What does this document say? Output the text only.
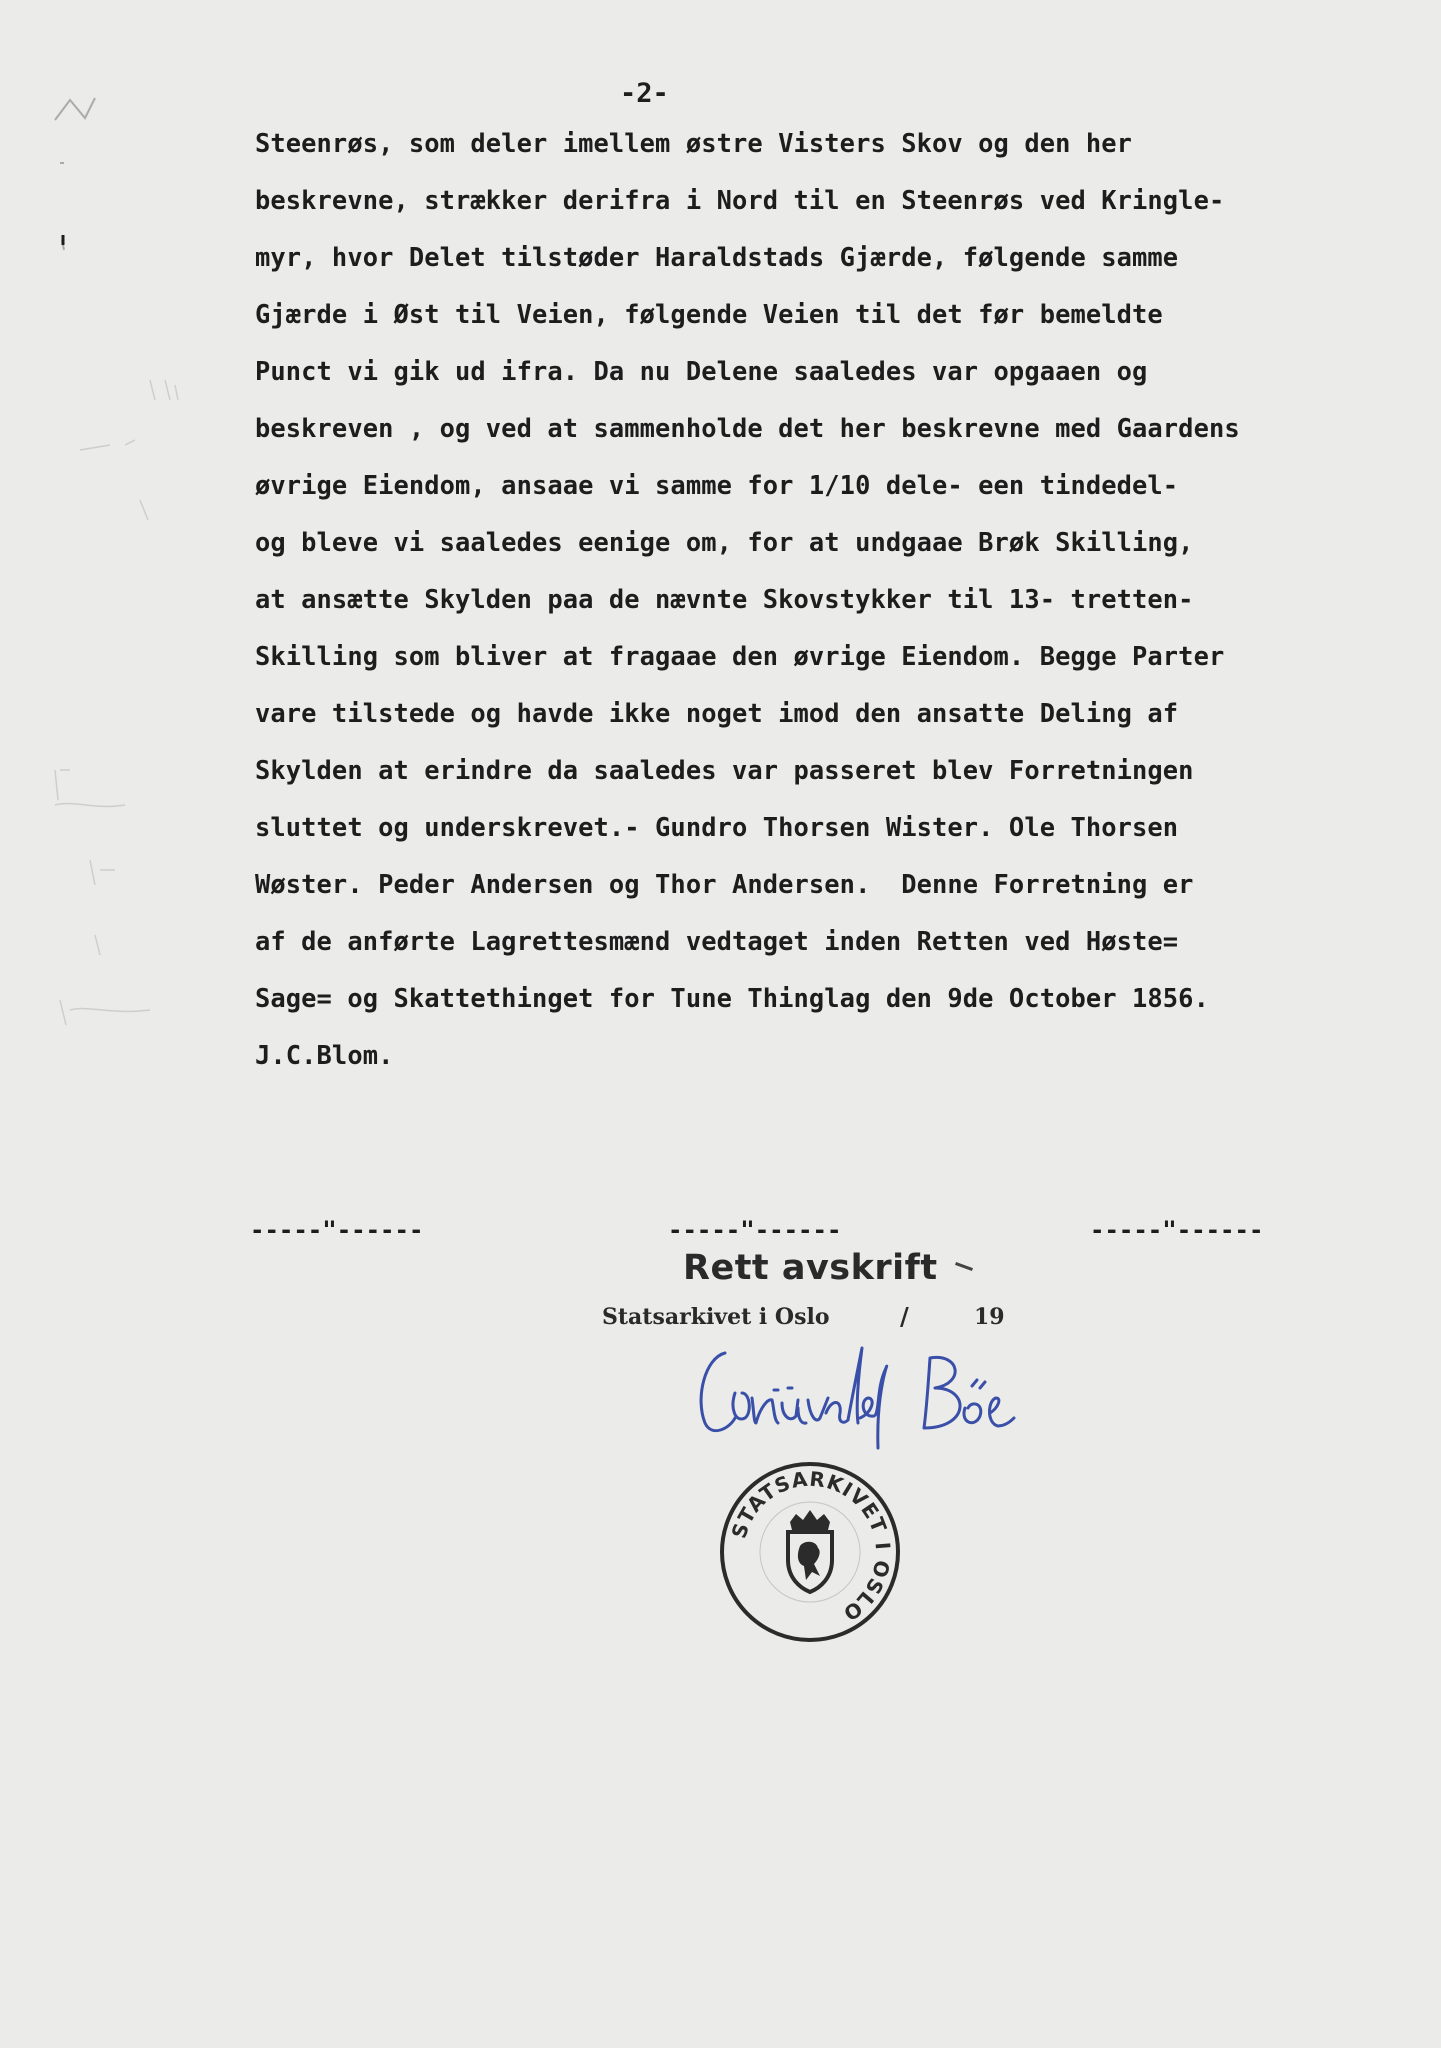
-2-
Steenrøs, som deler imellem østre Visters Skov og den her
beskrevne, strækker derifra i Nord til en Steenrøs ved Kringle-
myr, hvor Delet tilstøder Haraldstads Gjærde, følgende samme
Gjærde i Øst til Veien, følgende Veien til det før bemeldte
Punct vi gik ud ifra. Da nu Delene saaledes var opgaaen og
beskreven , og ved at sammenholde det her beskrevne med Gaardens
øvrige Eiendom, ansaae vi samme for 1/10 dele- een tindedel-
og bleve vi saaledes eenige om, for at undgaae Brøk Skilling,
at ansætte Skylden paa de nævnte Skovstykker til 13- tretten-
Skilling som bliver at fragaae den øvrige Eiendom. Begge Parter
vare tilstede og havde ikke noget imod den ansatte Deling af
Skylden at erindre da saaledes var passeret blev Forretningen
sluttet og underskrevet.- Gundro Thorsen Wister. Ole Thorsen
Wøster. Peder Andersen og Thor Andersen.  Denne Forretning er
af de anførte Lagrettesmænd vedtaget inden Retten ved Høste=
Sage= og Skattethinget for Tune Thinglag den 9de October 1856.
J.C.Blom.
-----"------	-----"------	-----"------
Rett avskrift
Statsarkivet i Oslo	/	19
STATSARKIVET I OSLO
